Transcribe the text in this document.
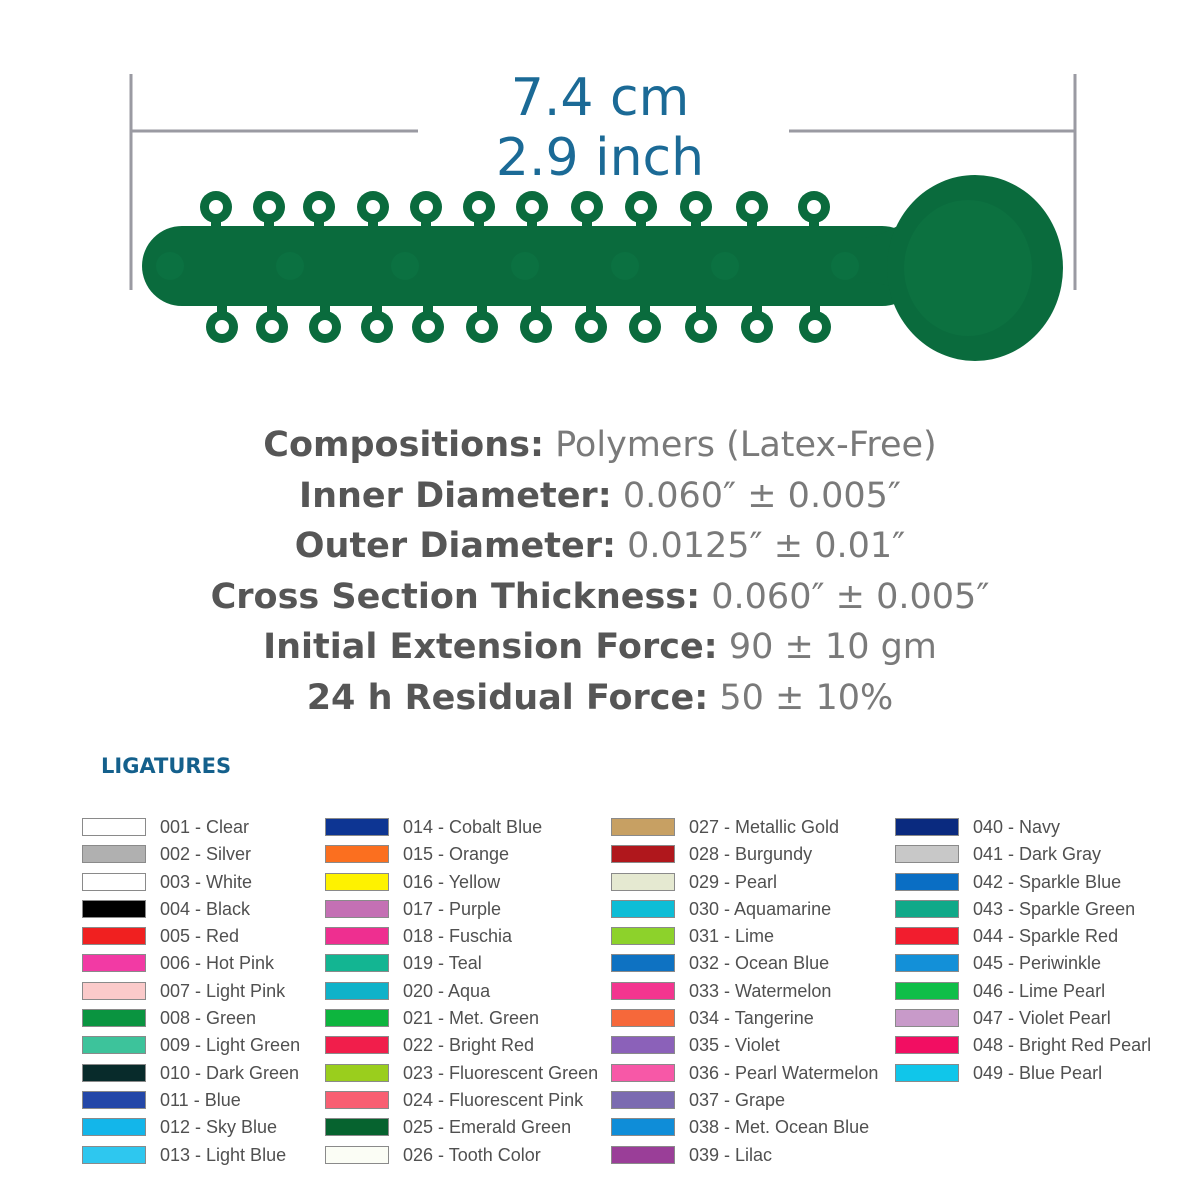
7.4 cm
2.9 inch
Compositions: Polymers (Latex-Free)
Inner Diameter: 0.060″ ± 0.005″
Outer Diameter: 0.0125″ ± 0.01″
Cross Section Thickness: 0.060″ ± 0.005″
Initial Extension Force: 90 ± 10 gm
24 h Residual Force: 50 ± 10%
LIGATURES
001 - Clear
002 - Silver
003 - White
004 - Black
005 - Red
006 - Hot Pink
007 - Light Pink
008 - Green
009 - Light Green
010 - Dark Green
011 - Blue
012 - Sky Blue
013 - Light Blue
014 - Cobalt Blue
015 - Orange
016 - Yellow
017 - Purple
018 - Fuschia
019 - Teal
020 - Aqua
021 - Met. Green
022 - Bright Red
023 - Fluorescent Green
024 - Fluorescent Pink
025 - Emerald Green
026 - Tooth Color
027 - Metallic Gold
028 - Burgundy
029 - Pearl
030 - Aquamarine
031 - Lime
032 - Ocean Blue
033 - Watermelon
034 - Tangerine
035 - Violet
036 - Pearl Watermelon
037 - Grape
038 - Met. Ocean Blue
039 - Lilac
040 - Navy
041 - Dark Gray
042 - Sparkle Blue
043 - Sparkle Green
044 - Sparkle Red
045 - Periwinkle
046 - Lime Pearl
047 - Violet Pearl
048 - Bright Red Pearl
049 - Blue Pearl
